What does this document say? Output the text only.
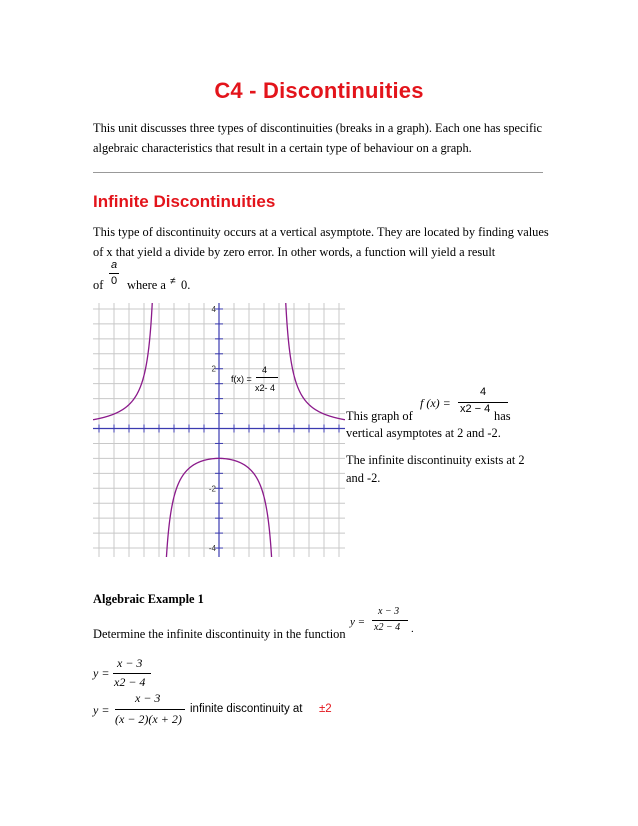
C4 - Discontinuities
This unit discusses three types of discontinuities (breaks in a graph). Each one has specific algebraic characteristics that result in a certain type of behaviour on a graph.
Infinite Discontinuities
This type of discontinuity occurs at a vertical asymptote. They are located by finding values of x that yield a divide by zero error. In other words, a function will yield a result
of
a
0 where a ≠ 0.
4
2
-2
-4
f(x) =
4
x2- 4
f (x) =
4
x2 − 4
This graph of	has
vertical asymptotes at 2 and -2.
The infinite discontinuity exists at 2 and -2.
Algebraic Example 1
Determine the infinite discontinuity in the function
y =
x − 3
x2 − 4 .
y =
x − 3
x2 − 4
y =
x − 3
(x − 2)(x + 2)
infinite discontinuity at ±2
